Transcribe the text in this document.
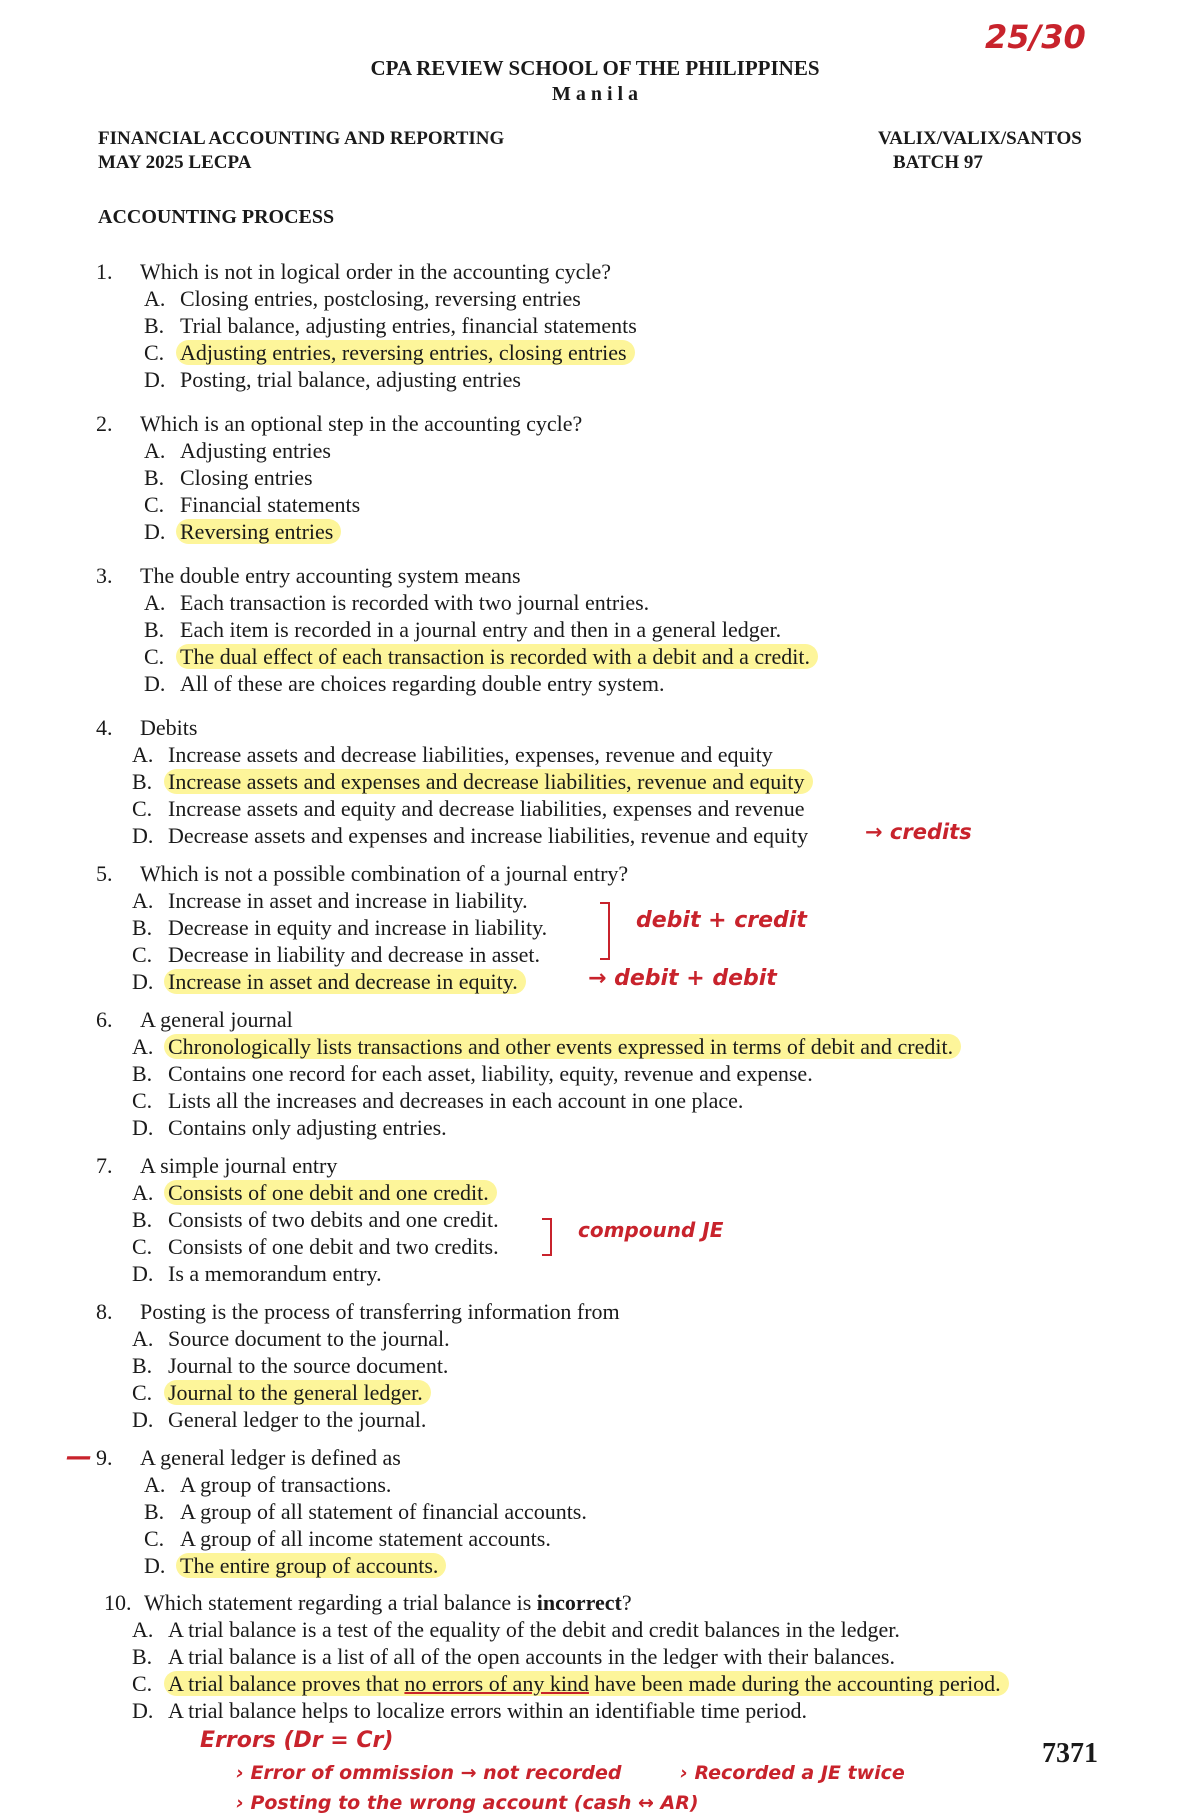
25/30
CPA REVIEW SCHOOL OF THE PHILIPPINES
M a n i l a
FINANCIAL ACCOUNTING AND REPORTING
MAY 2025 LECPA
VALIX/VALIX/SANTOS
BATCH 97
ACCOUNTING PROCESS
1. Which is not in logical order in the accounting cycle?
A. Closing entries, postclosing, reversing entries
B. Trial balance, adjusting entries, financial statements
C. Adjusting entries, reversing entries, closing entries
D. Posting, trial balance, adjusting entries
2. Which is an optional step in the accounting cycle?
A. Adjusting entries
B. Closing entries
C. Financial statements
D. Reversing entries
3. The double entry accounting system means
A. Each transaction is recorded with two journal entries.
B. Each item is recorded in a journal entry and then in a general ledger.
C. The dual effect of each transaction is recorded with a debit and a credit.
D. All of these are choices regarding double entry system.
4. Debits
A. Increase assets and decrease liabilities, expenses, revenue and equity
B. Increase assets and expenses and decrease liabilities, revenue and equity
C. Increase assets and equity and decrease liabilities, expenses and revenue
D. Decrease assets and expenses and increase liabilities, revenue and equity	→ credits
5. Which is not a possible combination of a journal entry?
A. Increase in asset and increase in liability.
B. Decrease in equity and increase in liability.
C. Decrease in liability and decrease in asset.
D. Increase in asset and decrease in equity.
debit + credit
→ debit + debit
6. A general journal
A. Chronologically lists transactions and other events expressed in terms of debit and credit.
B. Contains one record for each asset, liability, equity, revenue and expense.
C. Lists all the increases and decreases in each account in one place.
D. Contains only adjusting entries.
7. A simple journal entry
A. Consists of one debit and one credit.
B. Consists of two debits and one credit.
C. Consists of one debit and two credits.
D. Is a memorandum entry.
compound JE
8. Posting is the process of transferring information from
A. Source document to the journal.
B. Journal to the source document.
C. Journal to the general ledger.
D. General ledger to the journal.
— 9. A general ledger is defined as
A. A group of transactions.
B. A group of all statement of financial accounts.
C. A group of all income statement accounts.
D. The entire group of accounts.
10. Which statement regarding a trial balance is incorrect?
A. A trial balance is a test of the equality of the debit and credit balances in the ledger.
B. A trial balance is a list of all of the open accounts in the ledger with their balances.
C. A trial balance proves that no errors of any kind have been made during the accounting period.
D. A trial balance helps to localize errors within an identifiable time period.
Errors (Dr = Cr)
› Error of ommission → not recorded	› Recorded a JE twice
› Posting to the wrong account (cash ↔ AR)
7371
